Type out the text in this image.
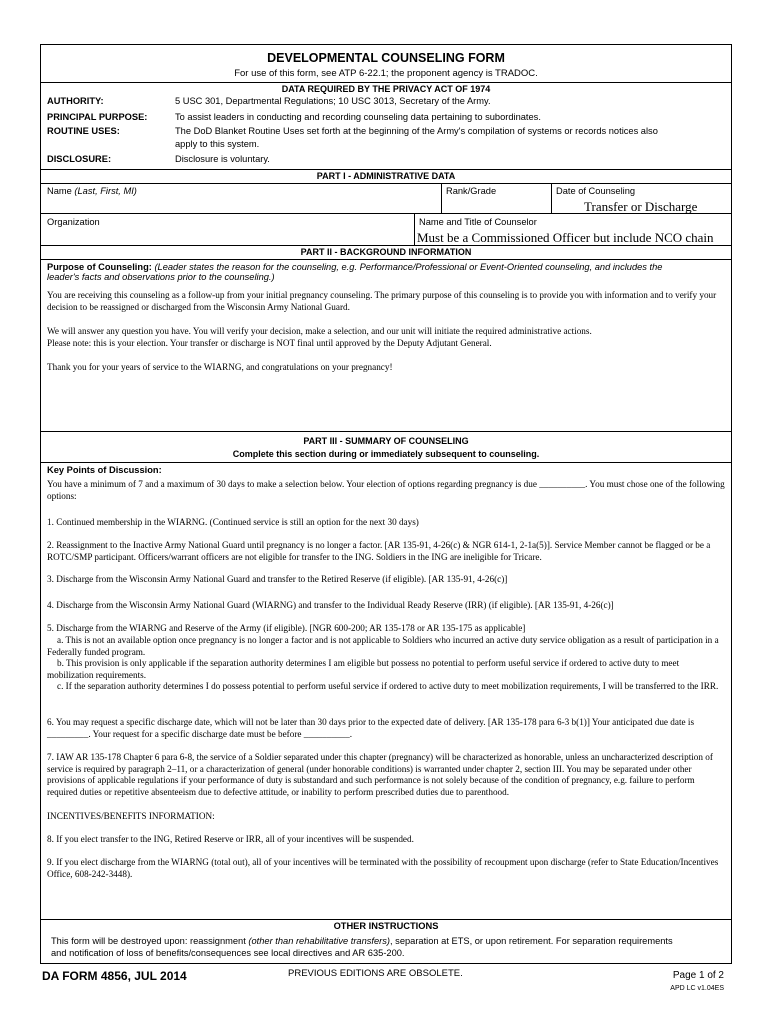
DEVELOPMENTAL COUNSELING FORM
For use of this form, see ATP 6-22.1; the proponent agency is TRADOC.
DATA REQUIRED BY THE PRIVACY ACT OF 1974
AUTHORITY:	5 USC 301, Departmental Regulations; 10 USC 3013, Secretary of the Army.
PRINCIPAL PURPOSE:	To assist leaders in conducting and recording counseling data pertaining to subordinates.
ROUTINE USES:	The DoD Blanket Routine Uses set forth at the beginning of the Army's compilation of systems or records notices also
apply to this system.
DISCLOSURE:	Disclosure is voluntary.
PART I - ADMINISTRATIVE DATA
Name (Last, First, MI)	Rank/Grade	Date of Counseling
Transfer or Discharge
Organization	Name and Title of Counselor
Must be a Commissioned Officer but include NCO chain
PART II - BACKGROUND INFORMATION
Purpose of Counseling: (Leader states the reason for the counseling, e.g. Performance/Professional or Event-Oriented counseling, and includes the
leader's facts and observations prior to the counseling.)
You are receiving this counseling as a follow-up from your initial pregnancy counseling. The primary purpose of this counseling is to provide you with information and to verify your decision to be reassigned or discharged from the Wisconsin Army National Guard.
We will answer any question you have. You will verify your decision, make a selection, and our unit will initiate the required administrative actions.
Please note: this is your election. Your transfer or discharge is NOT final until approved by the Deputy Adjutant General.
Thank you for your years of service to the WIARNG, and congratulations on your pregnancy!
PART III - SUMMARY OF COUNSELING
Complete this section during or immediately subsequent to counseling.
Key Points of Discussion:
You have a minimum of 7 and a maximum of 30 days to make a selection below. Your election of options regarding pregnancy is due __________. You must chose one of the following options:
1. Continued membership in the WIARNG. (Continued service is still an option for the next 30 days)
2. Reassignment to the Inactive Army National Guard until pregnancy is no longer a factor. [AR 135-91, 4-26(c) & NGR 614-1, 2-1a(5)]. Service Member cannot be flagged or be a ROTC/SMP participant. Officers/warrant officers are not eligible for transfer to the ING. Soldiers in the ING are ineligible for Tricare.
3. Discharge from the Wisconsin Army National Guard and transfer to the Retired Reserve (if eligible). [AR 135-91, 4-26(c)]
4. Discharge from the Wisconsin Army National Guard (WIARNG) and transfer to the Individual Ready Reserve (IRR) (if eligible). [AR 135-91, 4-26(c)]
5. Discharge from the WIARNG and Reserve of the Army (if eligible). [NGR 600-200; AR 135-178 or AR 135-175 as applicable]
a. This is not an available option once pregnancy is no longer a factor and is not applicable to Soldiers who incurred an active duty service obligation as a result of participation in a Federally funded program.
b. This provision is only applicable if the separation authority determines I am eligible but possess no potential to perform useful service if ordered to active duty to meet mobilization requirements.
c. If the separation authority determines I do possess potential to perform useful service if ordered to active duty to meet mobilization requirements, I will be transferred to the IRR.
6. You may request a specific discharge date, which will not be later than 30 days prior to the expected date of delivery. [AR 135-178 para 6-3 b(1)] Your anticipated due date is _________. Your request for a specific discharge date must be before __________.
7. IAW AR 135-178 Chapter 6 para 6-8, the service of a Soldier separated under this chapter (pregnancy) will be characterized as honorable, unless an uncharacterized description of service is required by paragraph 2–11, or a characterization of general (under honorable conditions) is warranted under chapter 2, section III. You may be separated under other provisions of applicable regulations if your performance of duty is substandard and such performance is not solely because of the condition of pregnancy, e.g. failure to perform required duties or repetitive absenteeism due to defective attitude, or inability to perform prescribed duties due to parenthood.
INCENTIVES/BENEFITS INFORMATION:
8. If you elect transfer to the ING, Retired Reserve or IRR, all of your incentives will be suspended.
9. If you elect discharge from the WIARNG (total out), all of your incentives will be terminated with the possibility of recoupment upon discharge (refer to State Education/Incentives Office, 608-242-3448).
OTHER INSTRUCTIONS
This form will be destroyed upon: reassignment (other than rehabilitative transfers), separation at ETS, or upon retirement. For separation requirements
and notification of loss of benefits/consequences see local directives and AR 635-200.
DA FORM 4856, JUL 2014	PREVIOUS EDITIONS ARE OBSOLETE.	Page 1 of 2
APD LC v1.04ES
